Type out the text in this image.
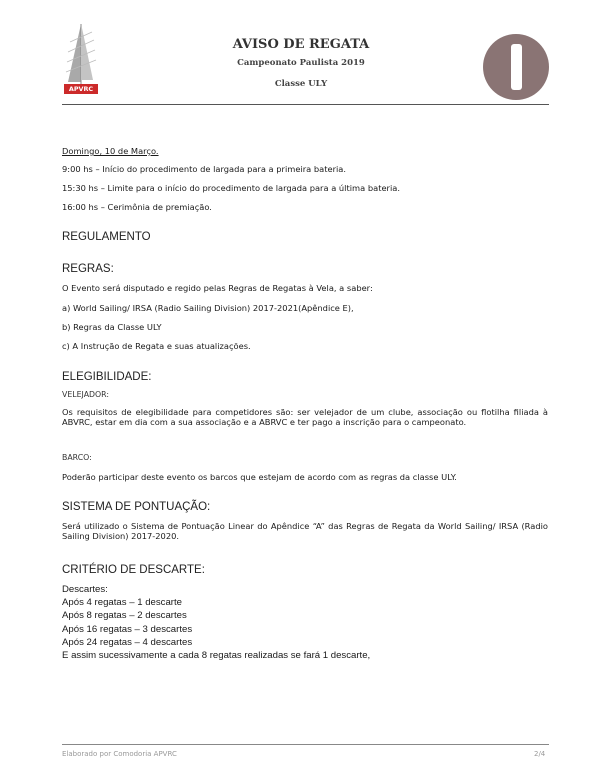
APVRC
AVISO DE REGATA
Campeonato Paulista 2019
Classe ULY
Domingo, 10 de Março.
9:00 hs – Início do procedimento de largada para a primeira bateria.
15:30 hs – Limite para o início do procedimento de largada para a última bateria.
16:00 hs – Cerimônia de premiação.
REGULAMENTO
REGRAS:
O Evento será disputado e regido pelas Regras de Regatas à Vela, a saber:
a) World Sailing/ IRSA (Radio Sailing Division) 2017-2021(Apêndice E),
b) Regras da Classe ULY
c) A Instrução de Regata e suas atualizações.
ELEGIBILIDADE:
VELEJADOR:
Os requisitos de elegibilidade para competidores são: ser velejador de um clube, associação ou flotilha filiada à ABVRC, estar em dia com a sua associação e a ABRVC e ter pago a inscrição para o campeonato.
BARCO:
Poderão participar deste evento os barcos que estejam de acordo com as regras da classe ULY.
SISTEMA DE PONTUAÇÃO:
Será utilizado o Sistema de Pontuação Linear do Apêndice “A” das Regras de Regata da World Sailing/ IRSA (Radio Sailing Division) 2017-2020.
CRITÉRIO DE DESCARTE:
Descartes:
Após 4 regatas – 1 descarte
Após 8 regatas – 2 descartes
Após 16 regatas – 3 descartes
Após 24 regatas – 4 descartes
E assim sucessivamente a cada 8 regatas realizadas se fará 1 descarte,
Elaborado por Comodoria APVRC	2/4
